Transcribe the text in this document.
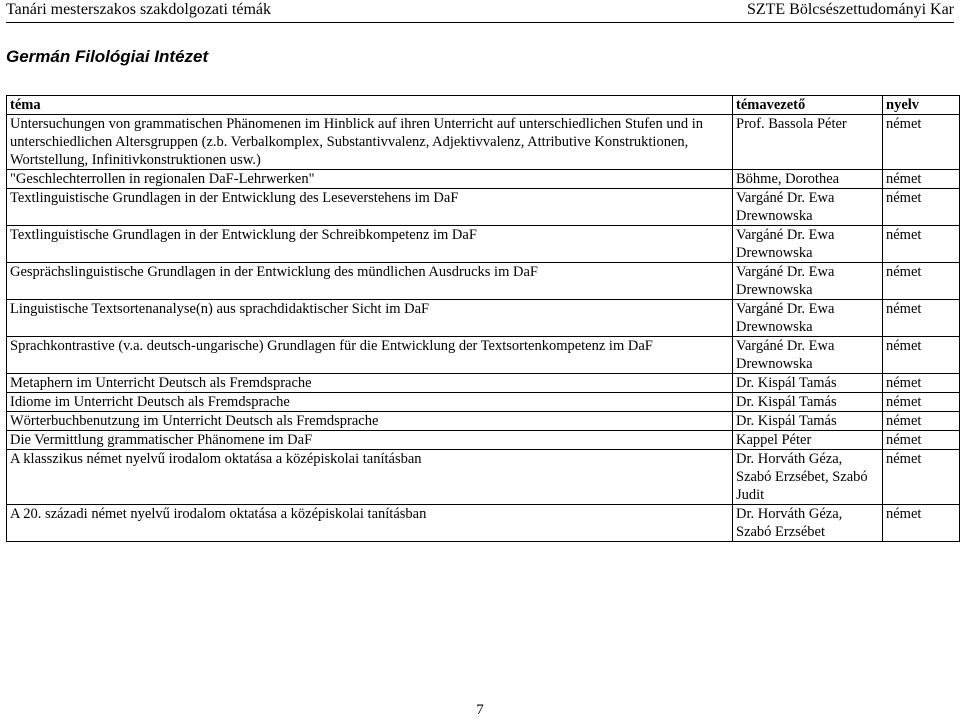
Tanári mesterszakos szakdolgozati témák	SZTE Bölcsészettudományi Kar
Germán Filológiai Intézet
téma	témavezető	nyelv
Untersuchungen von grammatischen Phänomenen im Hinblick auf ihren Unterricht auf unterschiedlichen Stufen und in unterschiedlichen Altersgruppen (z.b. Verbalkomplex, Substantivvalenz, Adjektivvalenz, Attributive Konstruktionen, Wortstellung, Infinitivkonstruktionen usw.)	Prof. Bassola Péter	német
"Geschlechterrollen in regionalen DaF-Lehrwerken"	Böhme, Dorothea	német
Textlinguistische Grundlagen in der Entwicklung des Leseverstehens im DaF	Vargáné Dr. Ewa Drewnowska	német
Textlinguistische Grundlagen in der Entwicklung der Schreibkompetenz im DaF	Vargáné Dr. Ewa Drewnowska	német
Gesprächslinguistische Grundlagen in der Entwicklung des mündlichen Ausdrucks im DaF	Vargáné Dr. Ewa Drewnowska	német
Linguistische Textsortenanalyse(n) aus sprachdidaktischer Sicht im DaF	Vargáné Dr. Ewa Drewnowska	német
Sprachkontrastive (v.a. deutsch-ungarische) Grundlagen für die Entwicklung der Textsortenkompetenz im DaF	Vargáné Dr. Ewa Drewnowska	német
Metaphern im Unterricht Deutsch als Fremdsprache	Dr. Kispál Tamás	német
Idiome im Unterricht Deutsch als Fremdsprache	Dr. Kispál Tamás	német
Wörterbuchbenutzung im Unterricht Deutsch als Fremdsprache	Dr. Kispál Tamás	német
Die Vermittlung grammatischer Phänomene im DaF	Kappel Péter	német
A klasszikus német nyelvű irodalom oktatása a középiskolai tanításban	Dr. Horváth Géza, Szabó Erzsébet, Szabó Judit	német
A 20. századi német nyelvű irodalom oktatása a középiskolai tanításban	Dr. Horváth Géza, Szabó Erzsébet	német
7
